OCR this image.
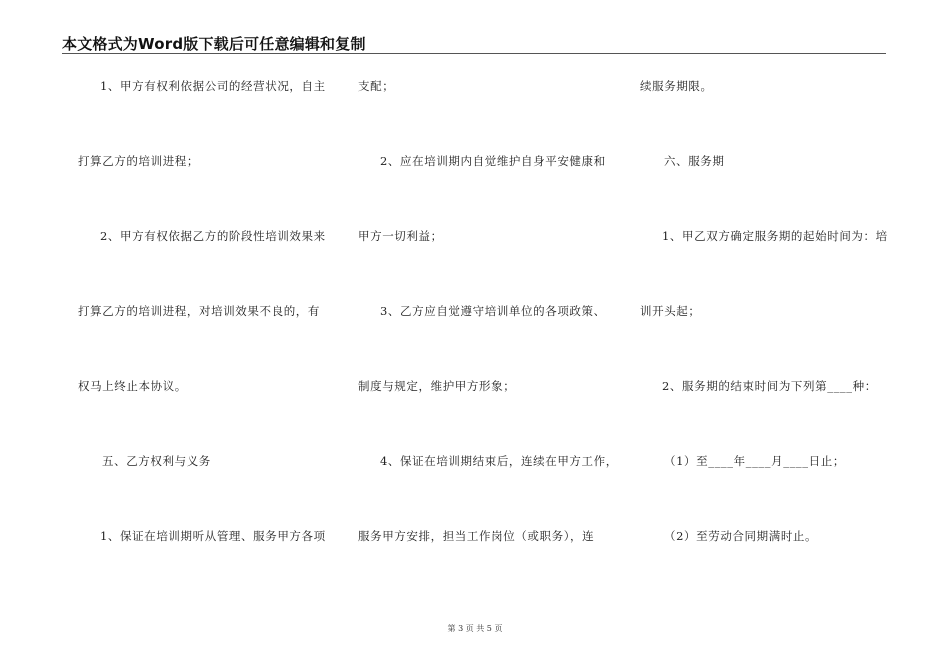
本文格式为Word版下载后可任意编辑和复制
1、甲方有权利依据公司的经营状况，自主
打算乙方的培训进程；
2、甲方有权依据乙方的阶段性培训效果来
打算乙方的培训进程，对培训效果不良的，有
权马上终止本协议。
五、乙方权利与义务
1、保证在培训期听从管理、服务甲方各项
支配；
2、应在培训期内自觉维护自身平安健康和
甲方一切利益；
3、乙方应自觉遵守培训单位的各项政策、
制度与规定，维护甲方形象；
4、保证在培训期结束后，连续在甲方工作，
服务甲方安排，担当工作岗位（或职务），连
续服务期限。
六、服务期
1、甲乙双方确定服务期的起始时间为：培
训开头起；
2、服务期的结束时间为下列第____种：
（1）至____年____月____日止；
（2）至劳动合同期满时止。
第 3 页 共 5 页
